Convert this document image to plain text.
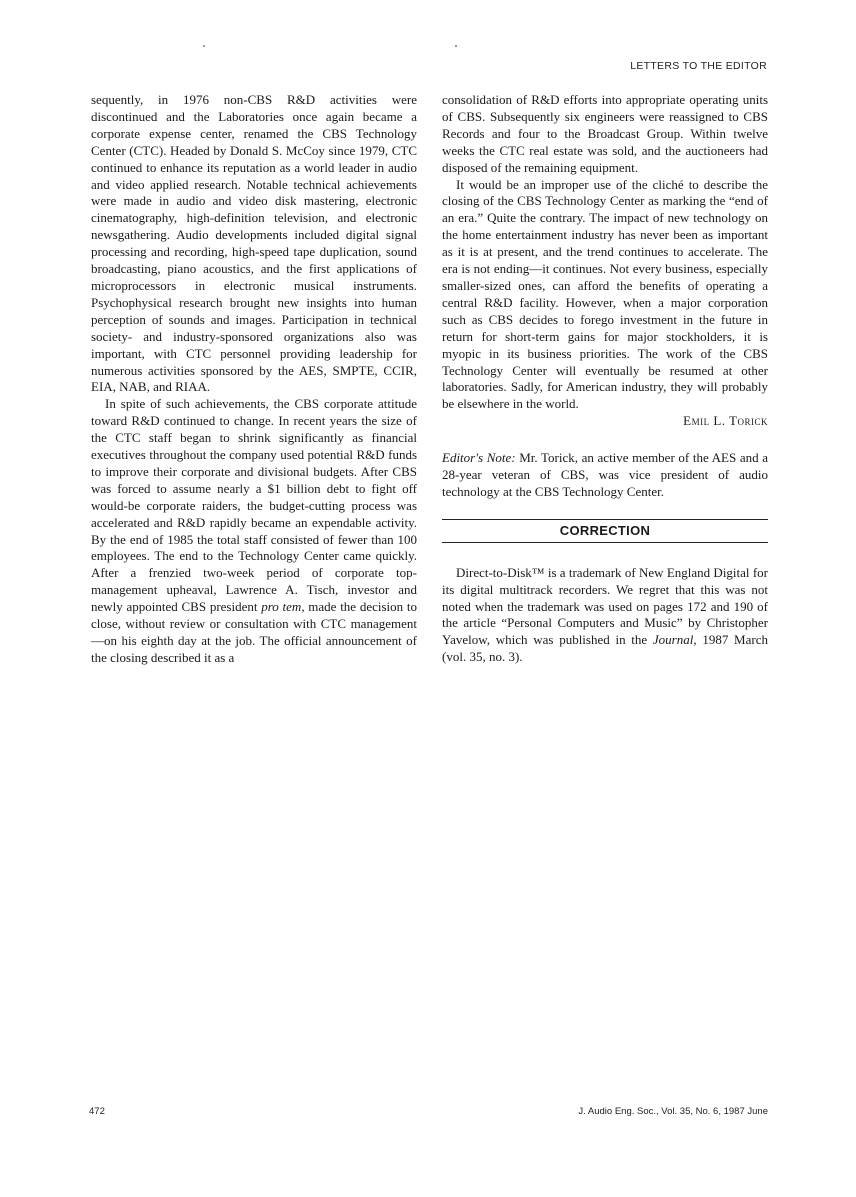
LETTERS TO THE EDITOR

sequently, in 1976 non-CBS R&D activities were discontinued and the Laboratories once again became a corporate expense center, renamed the CBS Technology Center (CTC). Headed by Donald S. McCoy since 1979, CTC continued to enhance its reputation as a world leader in audio and video applied research. Notable technical achievements were made in audio and video disk mastering, electronic cinematography, high-definition television, and electronic newsgathering. Audio developments included digital signal processing and recording, high-speed tape duplication, sound broadcasting, piano acoustics, and the first applications of microprocessors in electronic musical instruments. Psychophysical research brought new insights into human perception of sounds and images. Participation in technical society- and industry-sponsored organizations also was important, with CTC personnel providing leadership for numerous activities sponsored by the AES, SMPTE, CCIR, EIA, NAB, and RIAA.

In spite of such achievements, the CBS corporate attitude toward R&D continued to change. In recent years the size of the CTC staff began to shrink significantly as financial executives throughout the company used potential R&D funds to improve their corporate and divisional budgets. After CBS was forced to assume nearly a $1 billion debt to fight off would-be corporate raiders, the budget-cutting process was accelerated and R&D rapidly became an expendable activity. By the end of 1985 the total staff consisted of fewer than 100 employees. The end to the Technology Center came quickly. After a frenzied two-week period of corporate top-management upheaval, Lawrence A. Tisch, investor and newly appointed CBS president pro tem, made the decision to close, without review or consultation with CTC management—on his eighth day at the job. The official announcement of the closing described it as a

consolidation of R&D efforts into appropriate operating units of CBS. Subsequently six engineers were reassigned to CBS Records and four to the Broadcast Group. Within twelve weeks the CTC real estate was sold, and the auctioneers had disposed of the remaining equipment.

It would be an improper use of the cliché to describe the closing of the CBS Technology Center as marking the “end of an era.” Quite the contrary. The impact of new technology on the home entertainment industry has never been as important as it is at present, and the trend continues to accelerate. The era is not ending—it continues. Not every business, especially smaller-sized ones, can afford the benefits of operating a central R&D facility. However, when a major corporation such as CBS decides to forego investment in the future in return for short-term gains for major stockholders, it is myopic in its business priorities. The work of the CBS Technology Center will eventually be resumed at other laboratories. Sadly, for American industry, they will probably be elsewhere in the world.

Emil L. Torick

Editor's Note: Mr. Torick, an active member of the AES and a 28-year veteran of CBS, was vice president of audio technology at the CBS Technology Center.

CORRECTION

Direct-to-Disk™ is a trademark of New England Digital for its digital multitrack recorders. We regret that this was not noted when the trademark was used on pages 172 and 190 of the article “Personal Computers and Music” by Christopher Yavelow, which was published in the Journal, 1987 March (vol. 35, no. 3).

472	J. Audio Eng. Soc., Vol. 35, No. 6, 1987 June
